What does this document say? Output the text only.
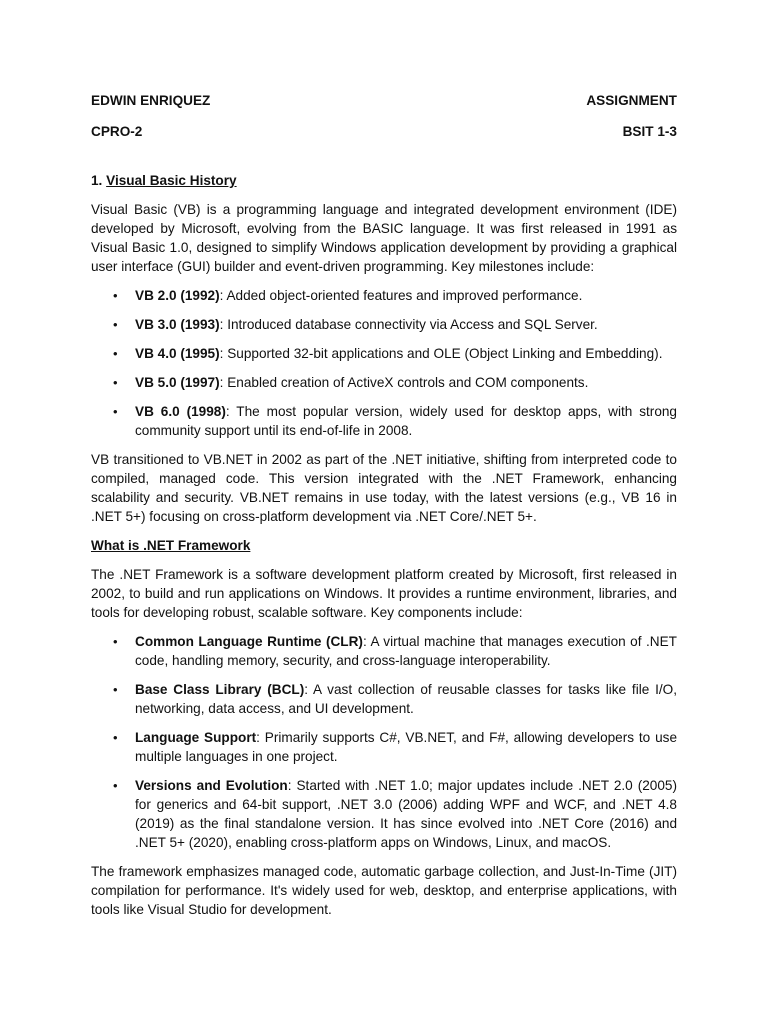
EDWIN ENRIQUEZ	ASSIGNMENT
CPRO-2	BSIT 1-3
1. Visual Basic History

Visual Basic (VB) is a programming language and integrated development environment (IDE) developed by Microsoft, evolving from the BASIC language. It was first released in 1991 as Visual Basic 1.0, designed to simplify Windows application development by providing a graphical user interface (GUI) builder and event-driven programming. Key milestones include:

• VB 2.0 (1992): Added object-oriented features and improved performance.
• VB 3.0 (1993): Introduced database connectivity via Access and SQL Server.
• VB 4.0 (1995): Supported 32-bit applications and OLE (Object Linking and Embedding).
• VB 5.0 (1997): Enabled creation of ActiveX controls and COM components.
• VB 6.0 (1998): The most popular version, widely used for desktop apps, with strong community support until its end-of-life in 2008.

VB transitioned to VB.NET in 2002 as part of the .NET initiative, shifting from interpreted code to compiled, managed code. This version integrated with the .NET Framework, enhancing scalability and security. VB.NET remains in use today, with the latest versions (e.g., VB 16 in .NET 5+) focusing on cross-platform development via .NET Core/.NET 5+.

What is .NET Framework

The .NET Framework is a software development platform created by Microsoft, first released in 2002, to build and run applications on Windows. It provides a runtime environment, libraries, and tools for developing robust, scalable software. Key components include:

• Common Language Runtime (CLR): A virtual machine that manages execution of .NET code, handling memory, security, and cross-language interoperability.
• Base Class Library (BCL): A vast collection of reusable classes for tasks like file I/O, networking, data access, and UI development.
• Language Support: Primarily supports C#, VB.NET, and F#, allowing developers to use multiple languages in one project.
• Versions and Evolution: Started with .NET 1.0; major updates include .NET 2.0 (2005) for generics and 64-bit support, .NET 3.0 (2006) adding WPF and WCF, and .NET 4.8 (2019) as the final standalone version. It has since evolved into .NET Core (2016) and .NET 5+ (2020), enabling cross-platform apps on Windows, Linux, and macOS.

The framework emphasizes managed code, automatic garbage collection, and Just-In-Time (JIT) compilation for performance. It's widely used for web, desktop, and enterprise applications, with tools like Visual Studio for development.
